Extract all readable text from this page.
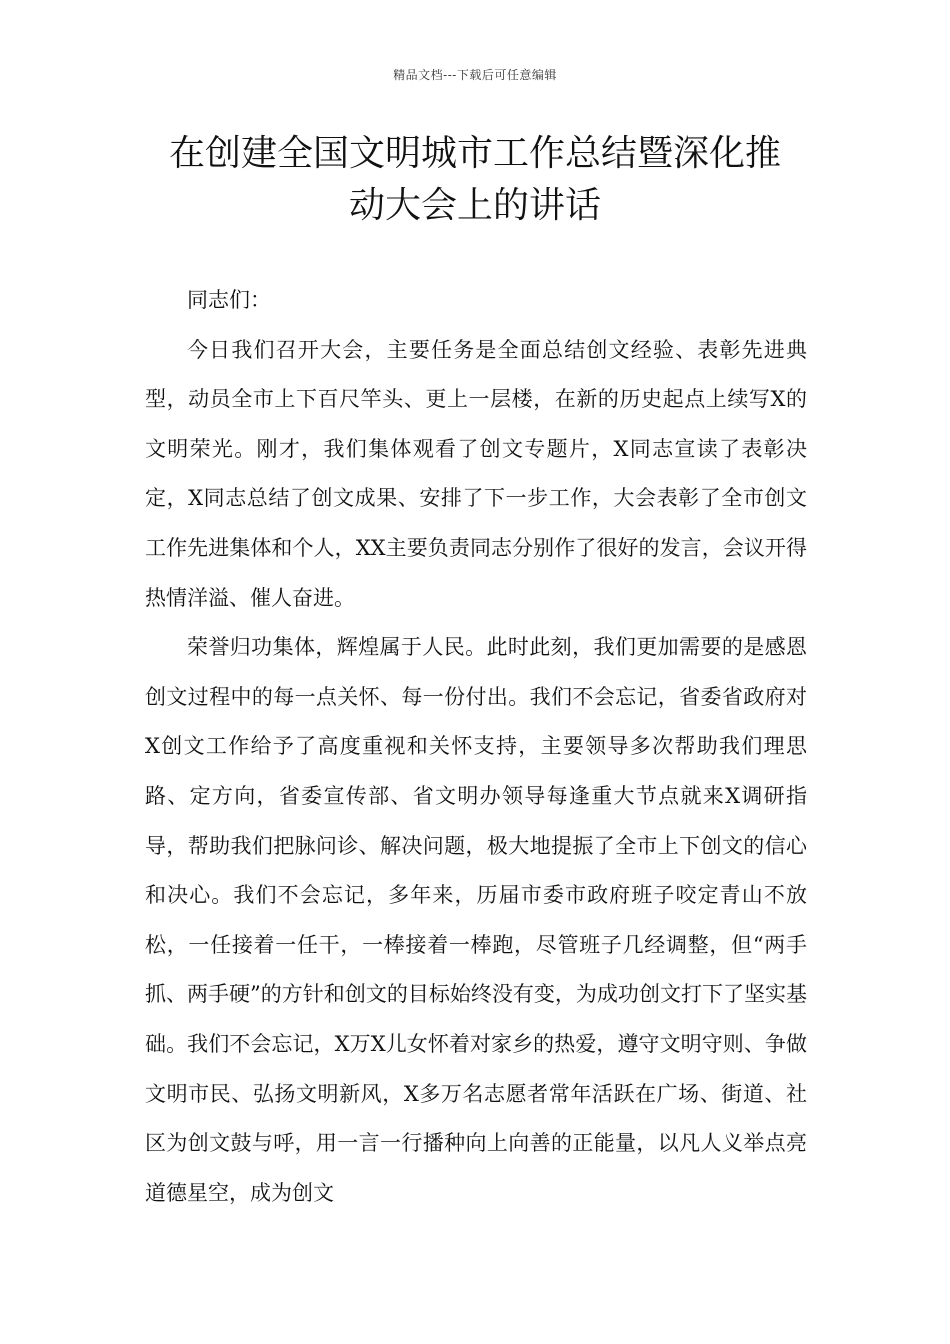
精品文档---下载后可任意编辑
在创建全国文明城市工作总结暨深化推
动大会上的讲话

同志们：

今日我们召开大会，主要任务是全面总结创文经验、表彰先进典型，动员全市上下百尺竿头、更上一层楼，在新的历史起点上续写X的文明荣光。刚才，我们集体观看了创文专题片，X同志宣读了表彰决定，X同志总结了创文成果、安排了下一步工作，大会表彰了全市创文工作先进集体和个人，XX主要负责同志分别作了很好的发言，会议开得热情洋溢、催人奋进。

荣誉归功集体，辉煌属于人民。此时此刻，我们更加需要的是感恩创文过程中的每一点关怀、每一份付出。我们不会忘记，省委省政府对X创文工作给予了高度重视和关怀支持，主要领导多次帮助我们理思路、定方向，省委宣传部、省文明办领导每逢重大节点就来X调研指导，帮助我们把脉问诊、解决问题，极大地提振了全市上下创文的信心和决心。我们不会忘记，多年来，历届市委市政府班子咬定青山不放松，一任接着一任干，一棒接着一棒跑，尽管班子几经调整，但“两手抓、两手硬”的方针和创文的目标始终没有变，为成功创文打下了坚实基础。我们不会忘记，X万X儿女怀着对家乡的热爱，遵守文明守则、争做文明市民、弘扬文明新风，X多万名志愿者常年活跃在广场、街道、社区为创文鼓与呼，用一言一行播种向上向善的正能量，以凡人义举点亮道德星空，成为创文
